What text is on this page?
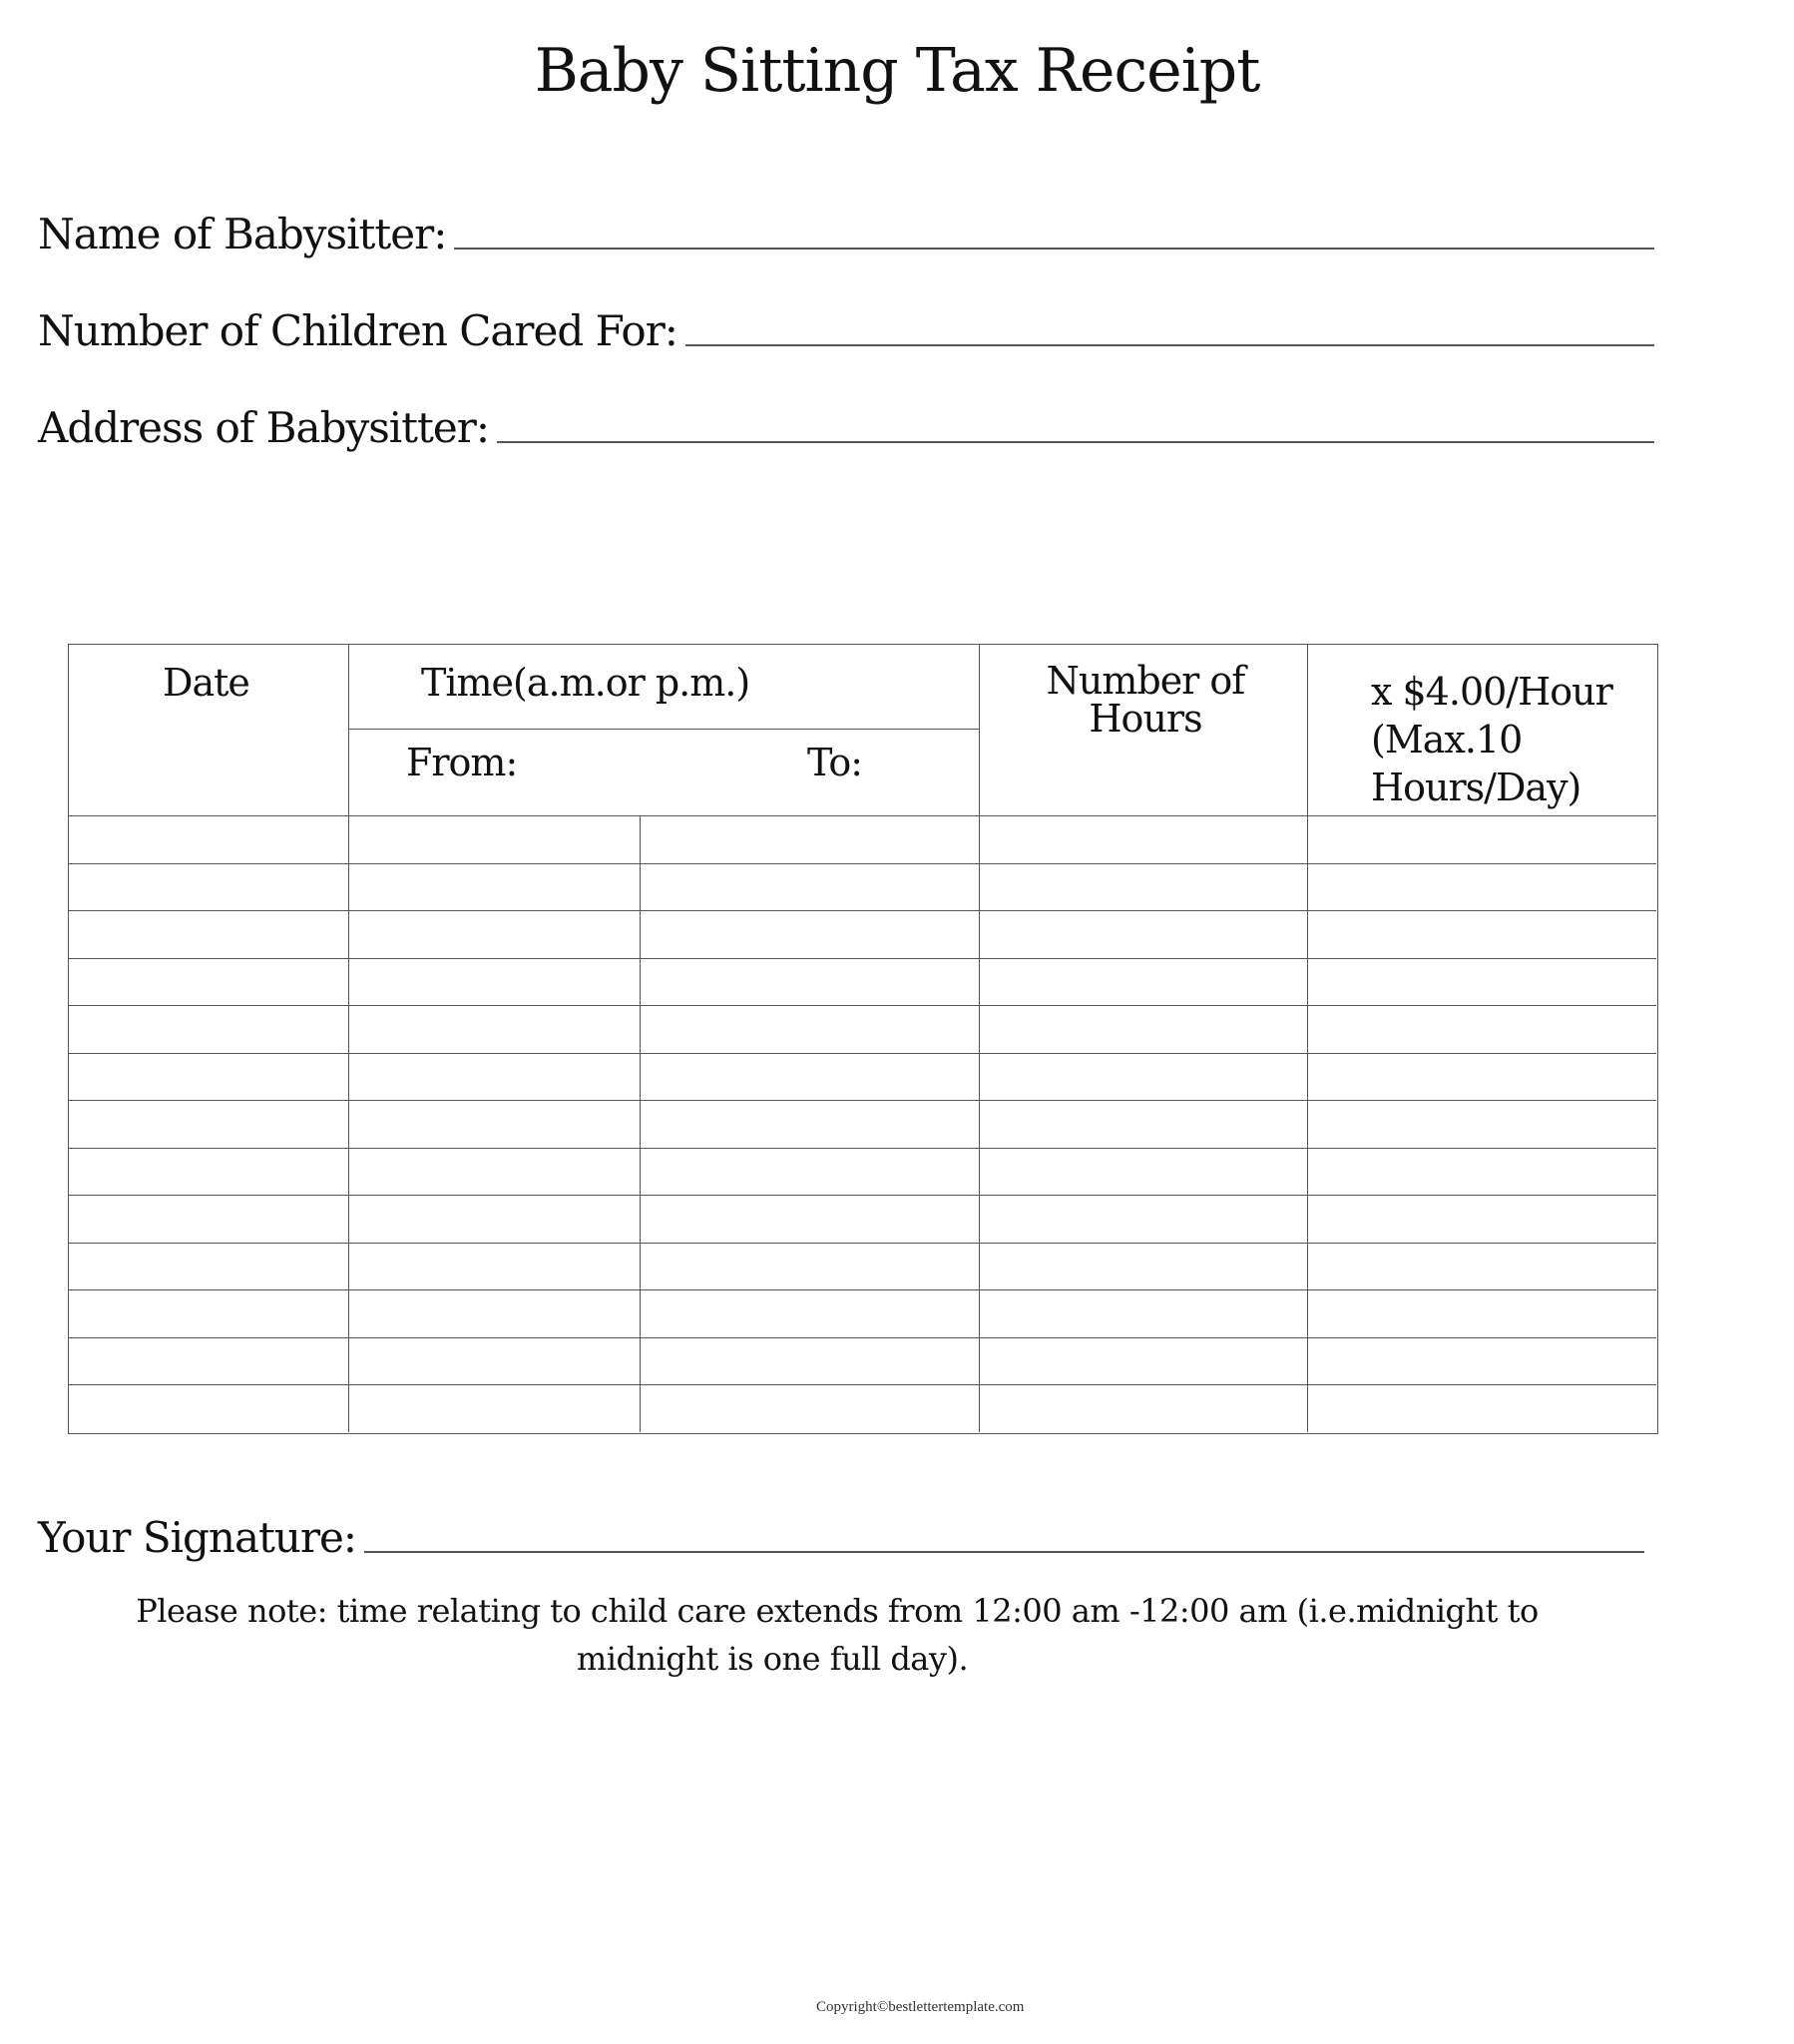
Baby Sitting Tax Receipt
Name of Babysitter:
Number of Children Cared For:
Address of Babysitter:
Date	Time(a.m.or p.m.)
From:	To:
Number of Hours
x $4.00/Hour (Max.10 Hours/Day)
Your Signature:
Please note: time relating to child care extends from 12:00 am -12:00 am (i.e.midnight to
midnight is one full day).
Copyright©bestlettertemplate.com
